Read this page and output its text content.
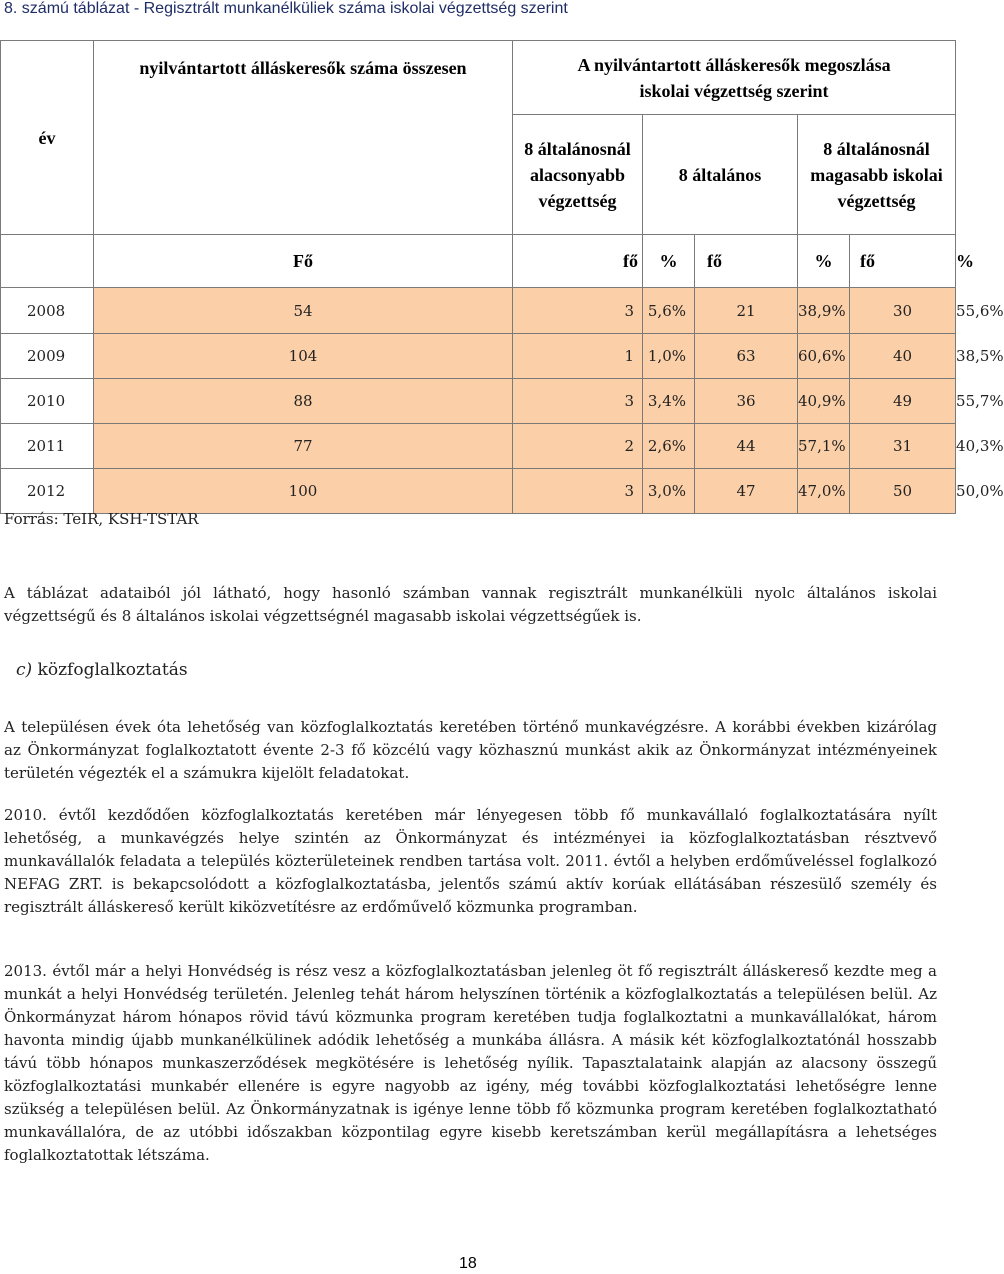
8. számú táblázat - Regisztrált munkanélküliek száma iskolai végzettség szerint
év	nyilvántartott álláskeresők száma összesen	A nyilvántartott álláskeresők megoszlása iskolai végzettség szerint					
		8 általánosnál alacsonyabb végzettség	8 általános		8 általánosnál magasabb iskolai végzettség		
	Fő	fő	%	fő	%	fő	%
2008	54	3	5,6%	21	38,9%	30	55,6%
2009	104	1	1,0%	63	60,6%	40	38,5%
2010	88	3	3,4%	36	40,9%	49	55,7%
2011	77	2	2,6%	44	57,1%	31	40,3%
2012	100	3	3,0%	47	47,0%	50	50,0%
Forrás: TeIR, KSH-TSTAR

A táblázat adataiból jól látható, hogy hasonló számban vannak regisztrált munkanélküli nyolc általános iskolai végzettségű és 8 általános iskolai végzettségnél magasabb iskolai végzettségűek is.

c) közfoglalkoztatás

A településen évek óta lehetőség van közfoglalkoztatás keretében történő munkavégzésre. A korábbi években kizárólag az Önkormányzat foglalkoztatott évente 2-3 fő közcélú vagy közhasznú munkást akik az Önkormányzat intézményeinek területén végezték el a számukra kijelölt feladatokat.

2010. évtől kezdődően közfoglalkoztatás keretében már lényegesen több fő munkavállaló foglalkoztatására nyílt lehetőség, a munkavégzés helye szintén az Önkormányzat és intézményei ia közfoglalkoztatásban résztvevő munkavállalók feladata a település közterületeinek rendben tartása volt. 2011. évtől a helyben erdőműveléssel foglalkozó NEFAG ZRT. is bekapcsolódott a közfoglalkoztatásba, jelentős számú aktív korúak ellátásában részesülő személy és regisztrált álláskereső került kiközvetítésre az erdőművelő közmunka programban.

2013. évtől már a helyi Honvédség is rész vesz a közfoglalkoztatásban jelenleg öt fő regisztrált álláskereső kezdte meg a munkát a helyi Honvédség területén. Jelenleg tehát három helyszínen történik a közfoglalkoztatás a településen belül. Az Önkormányzat három hónapos rövid távú közmunka program keretében tudja foglalkoztatni a munkavállalókat, három havonta mindig újabb munkanélkülinek adódik lehetőség a munkába állásra. A másik két közfoglalkoztatónál hosszabb távú több hónapos munkaszerződések megkötésére is lehetőség nyílik. Tapasztalataink alapján az alacsony összegű közfoglalkoztatási munkabér ellenére is egyre nagyobb az igény, még további közfoglalkoztatási lehetőségre lenne szükség a településen belül. Az Önkormányzatnak is igénye lenne több fő közmunka program keretében foglalkoztatható munkavállalóra, de az utóbbi időszakban központilag egyre kisebb keretszámban kerül megállapításra a lehetséges foglalkoztatottak létszáma.

18
